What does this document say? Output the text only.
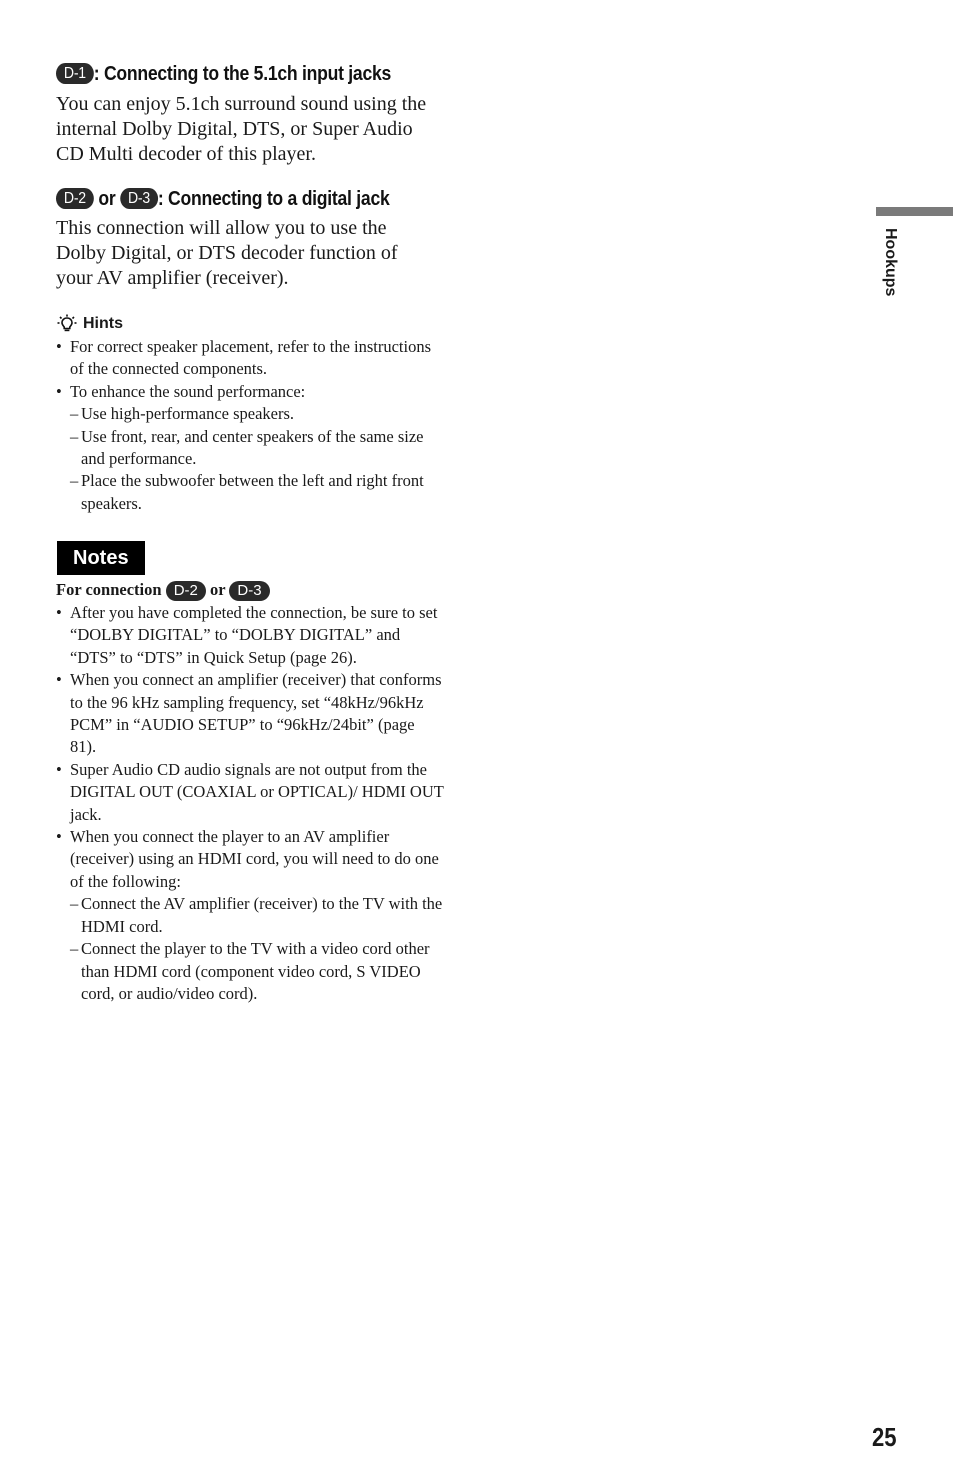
D-1 : Connecting to the 5.1ch input jacks
You can enjoy 5.1ch surround sound using the internal Dolby Digital, DTS, or Super Audio CD Multi decoder of this player.
D-2 or D-3 : Connecting to a digital jack
This connection will allow you to use the Dolby Digital, or DTS decoder function of your AV amplifier (receiver).
Hints
• For correct speaker placement, refer to the instructions of the connected components.
• To enhance the sound performance:
– Use high-performance speakers.
– Use front, rear, and center speakers of the same size and performance.
– Place the subwoofer between the left and right front speakers.
Notes
For connection D-2 or D-3
• After you have completed the connection, be sure to set “DOLBY DIGITAL” to “DOLBY DIGITAL” and “DTS” to “DTS” in Quick Setup (page 26).
• When you connect an amplifier (receiver) that conforms to the 96 kHz sampling frequency, set “48kHz/96kHz PCM” in “AUDIO SETUP” to “96kHz/24bit” (page 81).
• Super Audio CD audio signals are not output from the DIGITAL OUT (COAXIAL or OPTICAL)/ HDMI OUT jack.
• When you connect the player to an AV amplifier (receiver) using an HDMI cord, you will need to do one of the following:
– Connect the AV amplifier (receiver) to the TV with the HDMI cord.
– Connect the player to the TV with a video cord other than HDMI cord (component video cord, S VIDEO cord, or audio/video cord).
Hookups
25
